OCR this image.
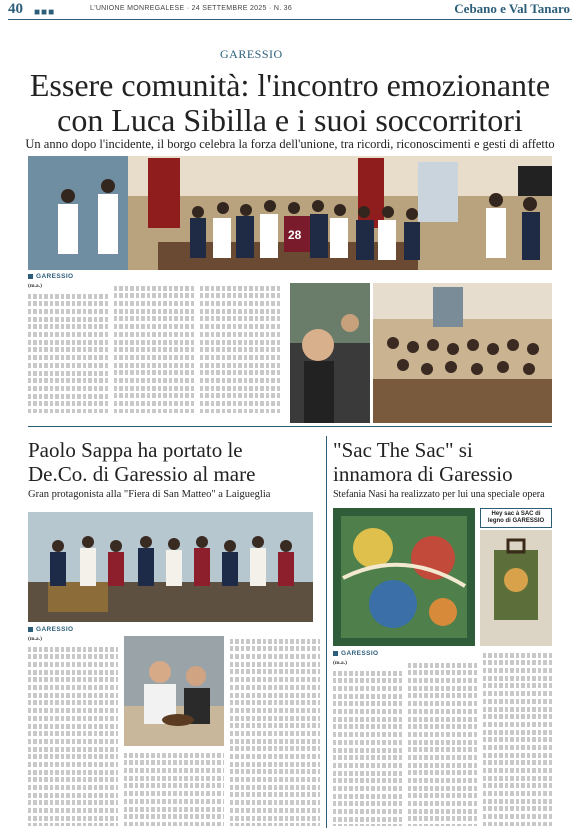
40 ■■■	L'UNIONE MONREGALESE · 24 SETTEMBRE 2025 · N. 36	Cebano e Val Tanaro
GARESSIO
Essere comunità: l'incontro emozionante
con Luca Sibilla e i suoi soccorritori
Un anno dopo l'incidente, il borgo celebra la forza dell'unione, tra ricordi, riconoscimenti e gesti di affetto
28
GARESSIO
(m.a.)
Paolo Sappa ha portato le
De.Co. di Garessio al mare
Gran protagonista alla "Fiera di San Matteo" a Laigueglia
GARESSIO
(m.a.)
"Sac The Sac" si
innamora di Garessio
Stefania Nasi ha realizzato per lui una speciale opera
Hey sac à SAC di legno di GARESSIO
GARESSIO
(m.a.)
